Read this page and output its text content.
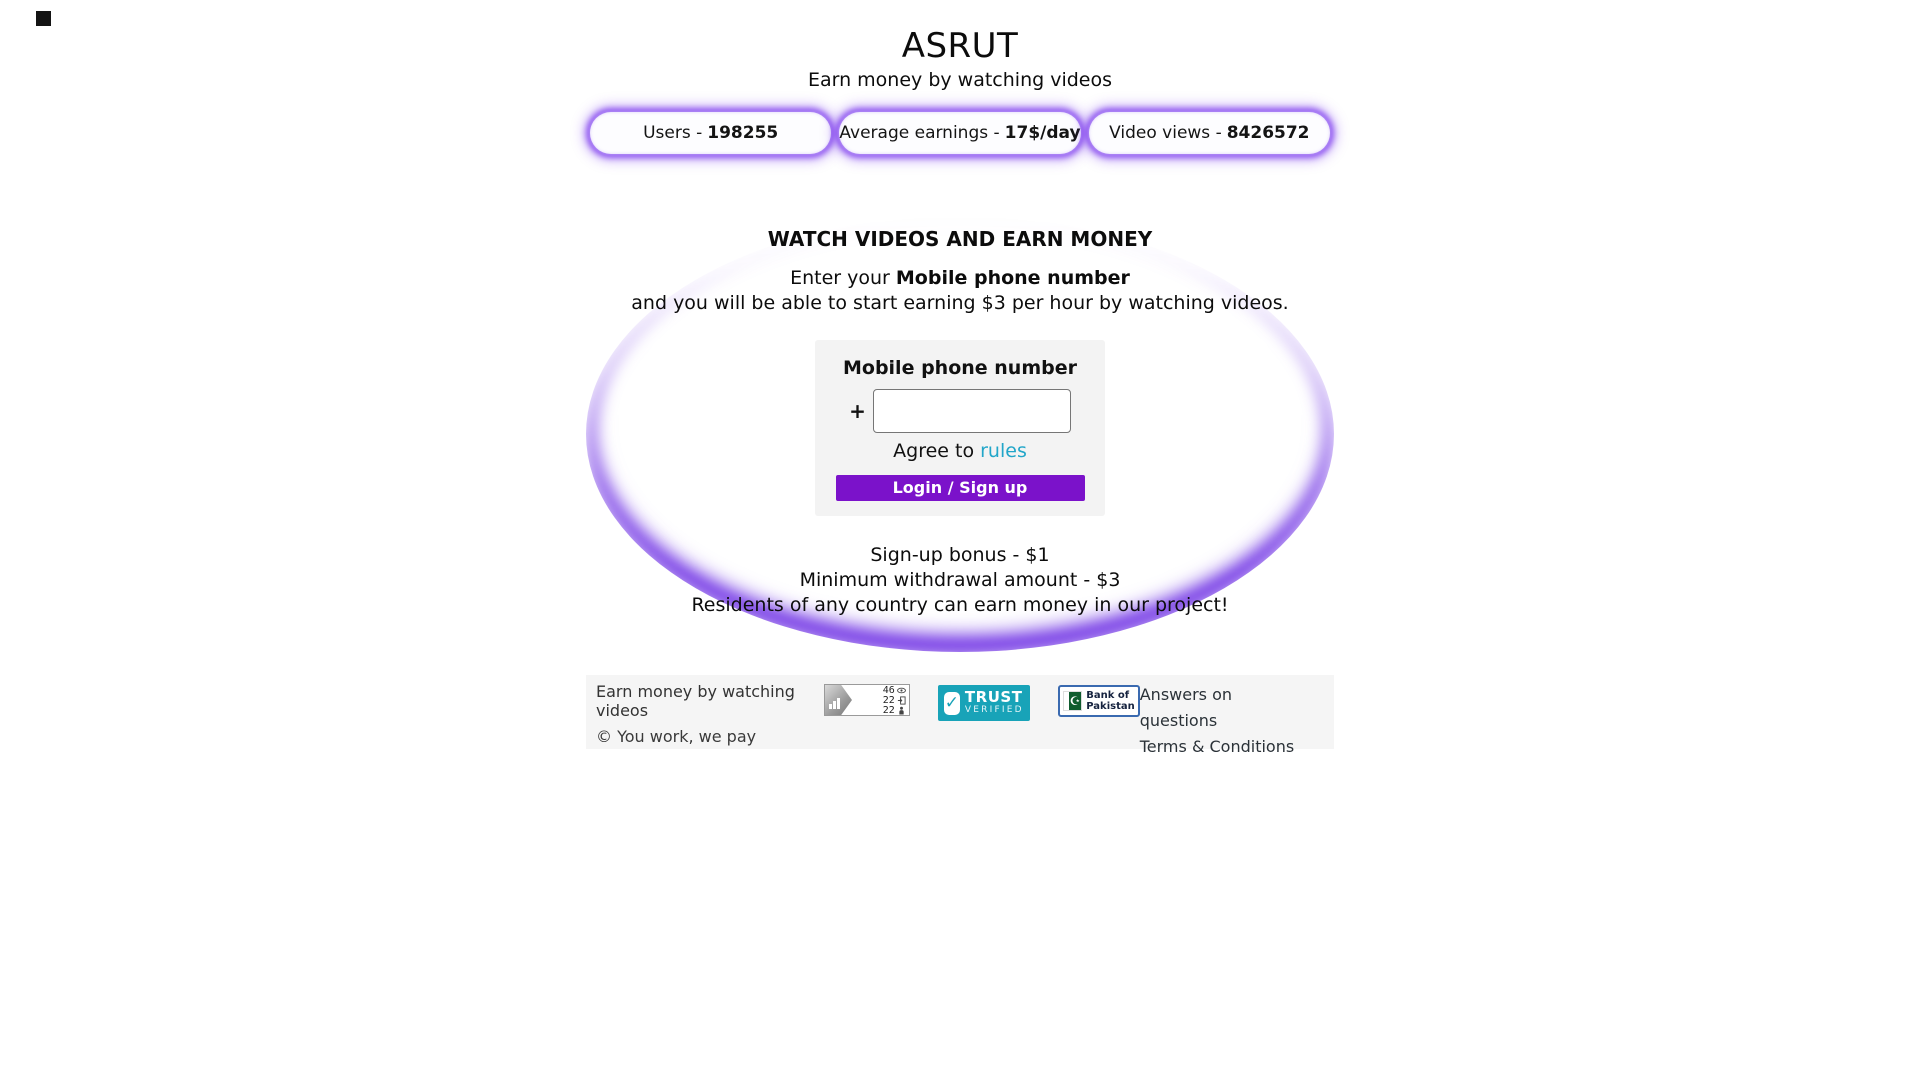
ASRUT
Earn money by watching videos
Users - 198255	Average earnings - 17$/day Video views - 8426572
WATCH VIDEOS AND EARN MONEY
Enter your Mobile phone number
and you will be able to start earning $3 per hour by watching videos.
Mobile phone number
+
Agree to rules
Login / Sign up
Sign-up bonus - $1
Minimum withdrawal amount - $3
Residents of any country can earn money in our project!
Earn money by watching videos
© You work, we pay
46
22
22	✓ TRUST
VERIFIED
☪ Bank of
Pakistan
Answers on questions
Terms & Conditions
